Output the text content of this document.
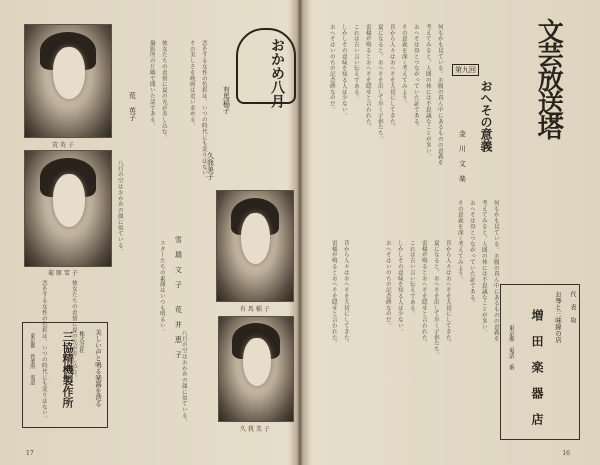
荒 英 子
菊 原 雪 子
おかめ八月
有馬稲子
久我美子
荒 英子
雪 瑞 文 子
荒 井 恵 子
恋をする女性の色彩は、いつの時代にも変りはない。
その美しさを映画は追い求める。
彼女たちの表情に夏の光が差し込む。
撮影所の片隅で聞いた話である。
八月の空はおかめの顔に似ている。
スターたちの素顔はいつも明るい。	有 馬 稲 子
久 我 美 子
恋をする女性の色彩は、いつの時代にも変りはない。	彼女たちの表情に夏の光が差し込む。	八月の空はおかめの顔に似ている。
美しい声と鳴る楽器を造る
株式会社
三協精機製作所
東京都 営業所 電話
17
文芸放送塔
第九回
おへその意義
金 川 文 楽
何もかも見ている。お腹の真ん中にあるものの意義を
考えてみると、人間の体には不思議なことが多い。
おへそは母とつながっていた証である。
その意義を深く考えてみよう。
昔から人々はおへそを大切にしてきた。
夏になると、おへそを出して歩く子供たち。
雷様が鳴るとおへそを隠せと言われた。
これは古い言い伝えである。
しかしその意味を知る人は少ない。
おへそはいのちの記念碑なのだ。
何もかも見ている。お腹の真ん中にあるものの意義を
考えてみると、人間の体には不思議なことが多い。
おへそは母とつながっていた証である。
その意義を深く考えてみよう。
昔から人々はおへそを大切にしてきた。
夏になると、おへそを出して歩く子供たち。
雷様が鳴るとおへそを隠せと言われた。
これは古い言い伝えである。
しかしその意味を知る人は少ない。
おへそはいのちの記念碑なのだ。
昔から人々はおへそを大切にしてきた。
雷様が鳴るとおへそを隠せと言われた。	代 表 取
お琴と三味線の店
増 田 楽 器 店
東京都 電話 番
16
